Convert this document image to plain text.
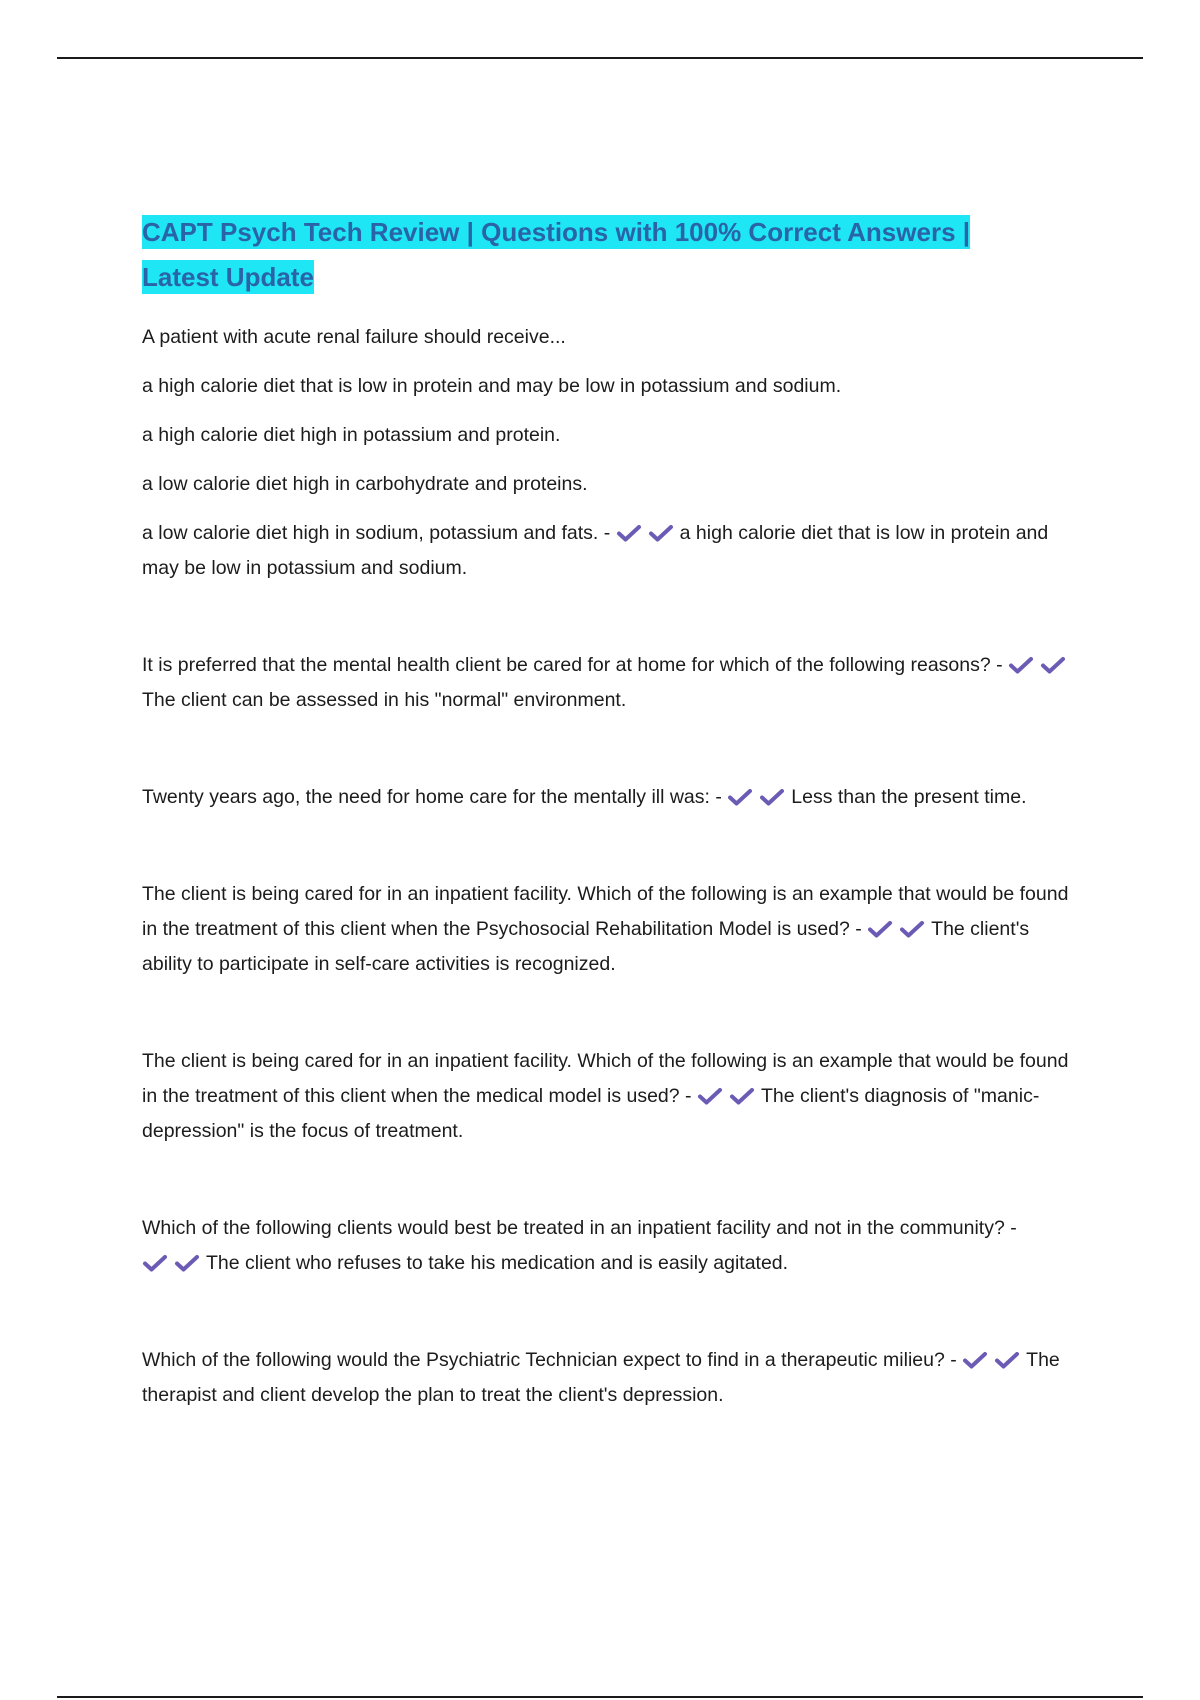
CAPT Psych Tech Review | Questions with 100% Correct Answers | Latest Update

A patient with acute renal failure should receive...

a high calorie diet that is low in protein and may be low in potassium and sodium.

a high calorie diet high in potassium and protein.

a low calorie diet high in carbohydrate and proteins.

a low calorie diet high in sodium, potassium and fats. -	a high calorie diet that is low in protein and may be low in potassium and sodium.

It is preferred that the mental health client be cared for at home for which of the following reasons? -
The client can be assessed in his "normal" environment.

Twenty years ago, the need for home care for the mentally ill was: -	Less than the present time.

The client is being cared for in an inpatient facility. Which of the following is an example that would be found in the treatment of this client when the Psychosocial Rehabilitation Model is used? -	The client's ability to participate in self-care activities is recognized.

The client is being cared for in an inpatient facility. Which of the following is an example that would be found in the treatment of this client when the medical model is used? -	The client's diagnosis of "manic-depression" is the focus of treatment.

Which of the following clients would best be treated in an inpatient facility and not in the community? -
The client who refuses to take his medication and is easily agitated.

Which of the following would the Psychiatric Technician expect to find in a therapeutic milieu? -	The therapist and client develop the plan to treat the client's depression.
